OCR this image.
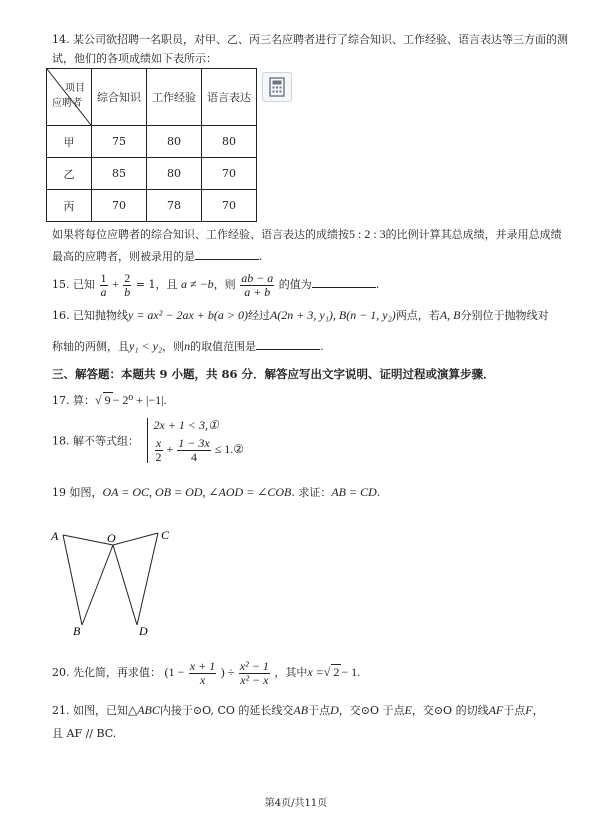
14. 某公司欲招聘一名职员，对甲、乙、丙三名应聘者进行了综合知识、工作经验、语言表达等三方面的测
试，他们的各项成绩如下表所示：
项目
应聘者	综合知识	工作经验	语言表达
甲	75	80	80
乙	85	80	70
丙	70	78	70
如果将每位应聘者的综合知识、工作经验、语言表达的成绩按5 : 2 : 3的比例计算其总成绩，并录用总成绩
最高的应聘者，则被录用的是	.
15. 已知 $\frac{1}{a} + \frac{2}{b} = 1$，且 a ≠ −b，则 $\frac{ab - a}{a + b}$ 的值为	.
16. 已知抛物线y = ax² − 2ax + b(a > 0)经过A(2n + 3, y₁), B(n − 1, y₂)两点，若A, B分别位于抛物线对
称轴的两侧，且y₁ < y₂，则n的取值范围是	.
三、解答题：本题共 9 小题，共 86 分．解答应写出文字说明、证明过程或演算步骤．
17. 算：√ 9 − 2⁰ + |−1|.
18. 解不等式组：
2x + 1 < 3,①
$\frac{x}{2} + \frac{1 - 3x}{4}$ ≤ 1.②
19 如图，OA = OC, OB = OD, ∠AOD = ∠COB. 求证：AB = CD.
A	O	C
B	D
20. 先化简，再求值： ($1 - \frac{x + 1}{x}$ ) ÷ $\frac{\text{x² − 1}}{\text{x² − x}}$ ，其中x =√ 2 − 1.
21. 如图，已知△ABC内接于⊙O, CO 的延长线交AB于点D，交⊙O 于点E，交⊙O 的切线AF于点F，
且 AF // BC.
第4页/共11页
